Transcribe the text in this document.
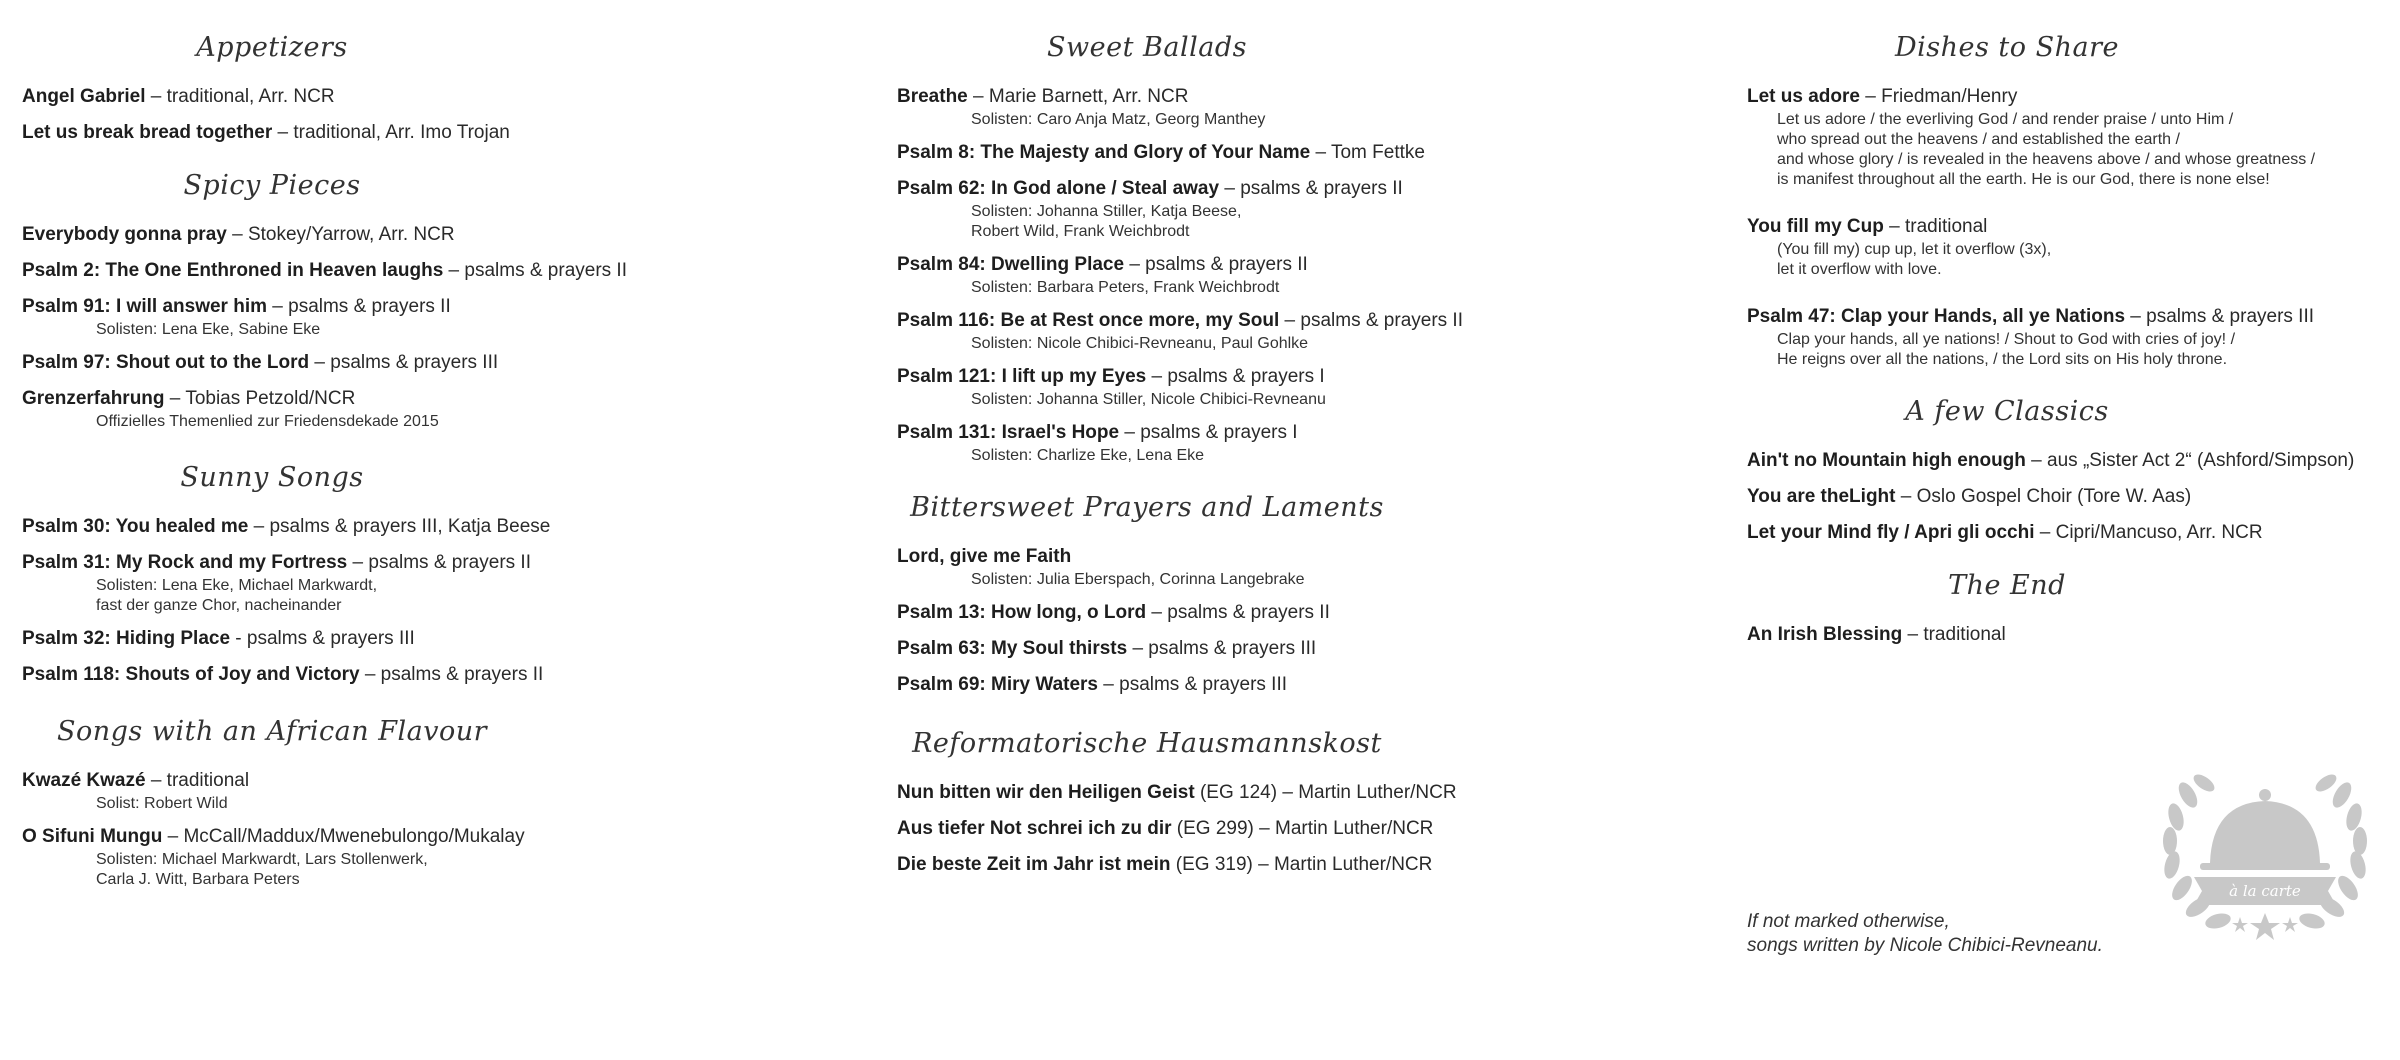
Appetizers
Angel Gabriel – traditional, Arr. NCR
Let us break bread together – traditional, Arr. Imo Trojan
Spicy Pieces
Everybody gonna pray – Stokey/Yarrow, Arr. NCR
Psalm 2: The One Enthroned in Heaven laughs – psalms & prayers II
Psalm 91: I will answer him – psalms & prayers II
Solisten: Lena Eke, Sabine Eke
Psalm 97: Shout out to the Lord – psalms & prayers III
Grenzerfahrung – Tobias Petzold/NCR
Offizielles Themenlied zur Friedensdekade 2015
Sunny Songs
Psalm 30: You healed me – psalms & prayers III, Katja Beese
Psalm 31: My Rock and my Fortress – psalms & prayers II
Solisten: Lena Eke, Michael Markwardt,
fast der ganze Chor, nacheinander
Psalm 32: Hiding Place - psalms & prayers III
Psalm 118: Shouts of Joy and Victory – psalms & prayers II
Songs with an African Flavour
Kwazé Kwazé – traditional
Solist: Robert Wild
O Sifuni Mungu – McCall/Maddux/Mwenebulongo/Mukalay
Solisten: Michael Markwardt, Lars Stollenwerk,
Carla J. Witt, Barbara Peters
Sweet Ballads
Breathe – Marie Barnett, Arr. NCR
Solisten: Caro Anja Matz, Georg Manthey
Psalm 8: The Majesty and Glory of Your Name – Tom Fettke
Psalm 62: In God alone / Steal away – psalms & prayers II
Solisten: Johanna Stiller, Katja Beese,
Robert Wild, Frank Weichbrodt
Psalm 84: Dwelling Place – psalms & prayers II
Solisten: Barbara Peters, Frank Weichbrodt
Psalm 116: Be at Rest once more, my Soul – psalms & prayers II
Solisten: Nicole Chibici-Revneanu, Paul Gohlke
Psalm 121: I lift up my Eyes – psalms & prayers I
Solisten: Johanna Stiller, Nicole Chibici-Revneanu
Psalm 131: Israel's Hope – psalms & prayers I
Solisten: Charlize Eke, Lena Eke
Bittersweet Prayers and Laments
Lord, give me Faith
Solisten: Julia Eberspach, Corinna Langebrake
Psalm 13: How long, o Lord – psalms & prayers II
Psalm 63: My Soul thirsts – psalms & prayers III
Psalm 69: Miry Waters – psalms & prayers III
Reformatorische Hausmannskost
Nun bitten wir den Heiligen Geist (EG 124) – Martin Luther/NCR
Aus tiefer Not schrei ich zu dir (EG 299) – Martin Luther/NCR
Die beste Zeit im Jahr ist mein (EG 319) – Martin Luther/NCR
Dishes to Share
Let us adore – Friedman/Henry
Let us adore / the everliving God / and render praise / unto Him /
who spread out the heavens / and established the earth /
and whose glory / is revealed in the heavens above / and whose greatness /
is manifest throughout all the earth. He is our God, there is none else!
You fill my Cup – traditional
(You fill my) cup up, let it overflow (3x),
let it overflow with love.
Psalm 47: Clap your Hands, all ye Nations – psalms & prayers III
Clap your hands, all ye nations! / Shout to God with cries of joy! /
He reigns over all the nations, / the Lord sits on His holy throne.
A few Classics
Ain't no Mountain high enough – aus „Sister Act 2“ (Ashford/Simpson)
You are theLight – Oslo Gospel Choir (Tore W. Aas)
Let your Mind fly / Apri gli occhi – Cipri/Mancuso, Arr. NCR
The End
An Irish Blessing – traditional
If not marked otherwise,
songs written by Nicole Chibici-Revneanu.
à la carte
